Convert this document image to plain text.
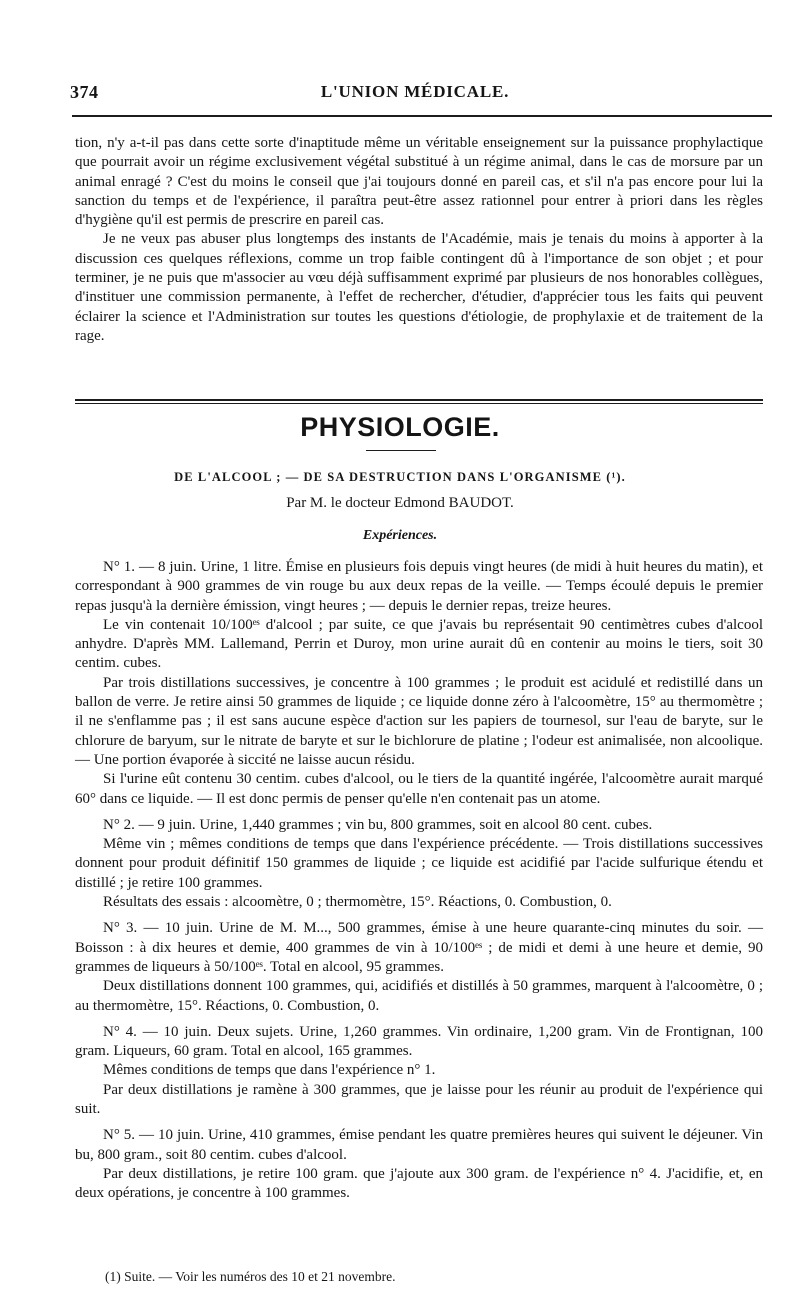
374	L'UNION MÉDICALE.

tion, n'y a-t-il pas dans cette sorte d'inaptitude même un véritable enseignement sur la puissance prophylactique que pourrait avoir un régime exclusivement végétal substitué à un régime animal, dans le cas de morsure par un animal enragé ? C'est du moins le conseil que j'ai toujours donné en pareil cas, et s'il n'a pas encore pour lui la sanction du temps et de l'expérience, il paraîtra peut-être assez rationnel pour entrer à priori dans les règles d'hygiène qu'il est permis de prescrire en pareil cas.

Je ne veux pas abuser plus longtemps des instants de l'Académie, mais je tenais du moins à apporter à la discussion ces quelques réflexions, comme un trop faible contingent dû à l'importance de son objet ; et pour terminer, je ne puis que m'associer au vœu déjà suffisamment exprimé par plusieurs de nos honorables collègues, d'instituer une commission permanente, à l'effet de rechercher, d'étudier, d'apprécier tous les faits qui peuvent éclairer la science et l'Administration sur toutes les questions d'étiologie, de prophylaxie et de traitement de la rage.

PHYSIOLOGIE.
DE L'ALCOOL ; — DE SA DESTRUCTION DANS L'ORGANISME (¹).
Par M. le docteur Edmond BAUDOT.
Expériences.

N° 1. — 8 juin. Urine, 1 litre. Émise en plusieurs fois depuis vingt heures (de midi à huit heures du matin), et correspondant à 900 grammes de vin rouge bu aux deux repas de la veille. — Temps écoulé depuis le premier repas jusqu'à la dernière émission, vingt heures ; — depuis le dernier repas, treize heures.

Le vin contenait 10/100ᵉˢ d'alcool ; par suite, ce que j'avais bu représentait 90 centimètres cubes d'alcool anhydre. D'après MM. Lallemand, Perrin et Duroy, mon urine aurait dû en contenir au moins le tiers, soit 30 centim. cubes.

Par trois distillations successives, je concentre à 100 grammes ; le produit est acidulé et redistillé dans un ballon de verre. Je retire ainsi 50 grammes de liquide ; ce liquide donne zéro à l'alcoomètre, 15° au thermomètre ; il ne s'enflamme pas ; il est sans aucune espèce d'action sur les papiers de tournesol, sur l'eau de baryte, sur le chlorure de baryum, sur le nitrate de baryte et sur le bichlorure de platine ; l'odeur est animalisée, non alcoolique. — Une portion évaporée à siccité ne laisse aucun résidu.

Si l'urine eût contenu 30 centim. cubes d'alcool, ou le tiers de la quantité ingérée, l'alcoomètre aurait marqué 60° dans ce liquide. — Il est donc permis de penser qu'elle n'en contenait pas un atome.

N° 2. — 9 juin. Urine, 1,440 grammes ; vin bu, 800 grammes, soit en alcool 80 cent. cubes.

Même vin ; mêmes conditions de temps que dans l'expérience précédente. — Trois distillations successives donnent pour produit définitif 150 grammes de liquide ; ce liquide est acidifié par l'acide sulfurique étendu et distillé ; je retire 100 grammes.

Résultats des essais : alcoomètre, 0 ; thermomètre, 15°. Réactions, 0. Combustion, 0.

N° 3. — 10 juin. Urine de M. M..., 500 grammes, émise à une heure quarante-cinq minutes du soir. — Boisson : à dix heures et demie, 400 grammes de vin à 10/100ᵉˢ ; de midi et demi à une heure et demie, 90 grammes de liqueurs à 50/100ᵉˢ. Total en alcool, 95 grammes.

Deux distillations donnent 100 grammes, qui, acidifiés et distillés à 50 grammes, marquent à l'alcoomètre, 0 ; au thermomètre, 15°. Réactions, 0. Combustion, 0.

N° 4. — 10 juin. Deux sujets. Urine, 1,260 grammes. Vin ordinaire, 1,200 gram. Vin de Frontignan, 100 gram. Liqueurs, 60 gram. Total en alcool, 165 grammes.

Mêmes conditions de temps que dans l'expérience n° 1.

Par deux distillations je ramène à 300 grammes, que je laisse pour les réunir au produit de l'expérience qui suit.

N° 5. — 10 juin. Urine, 410 grammes, émise pendant les quatre premières heures qui suivent le déjeuner. Vin bu, 800 gram., soit 80 centim. cubes d'alcool.

Par deux distillations, je retire 100 gram. que j'ajoute aux 300 gram. de l'expérience n° 4. J'acidifie, et, en deux opérations, je concentre à 100 grammes.

(1) Suite. — Voir les numéros des 10 et 21 novembre.
